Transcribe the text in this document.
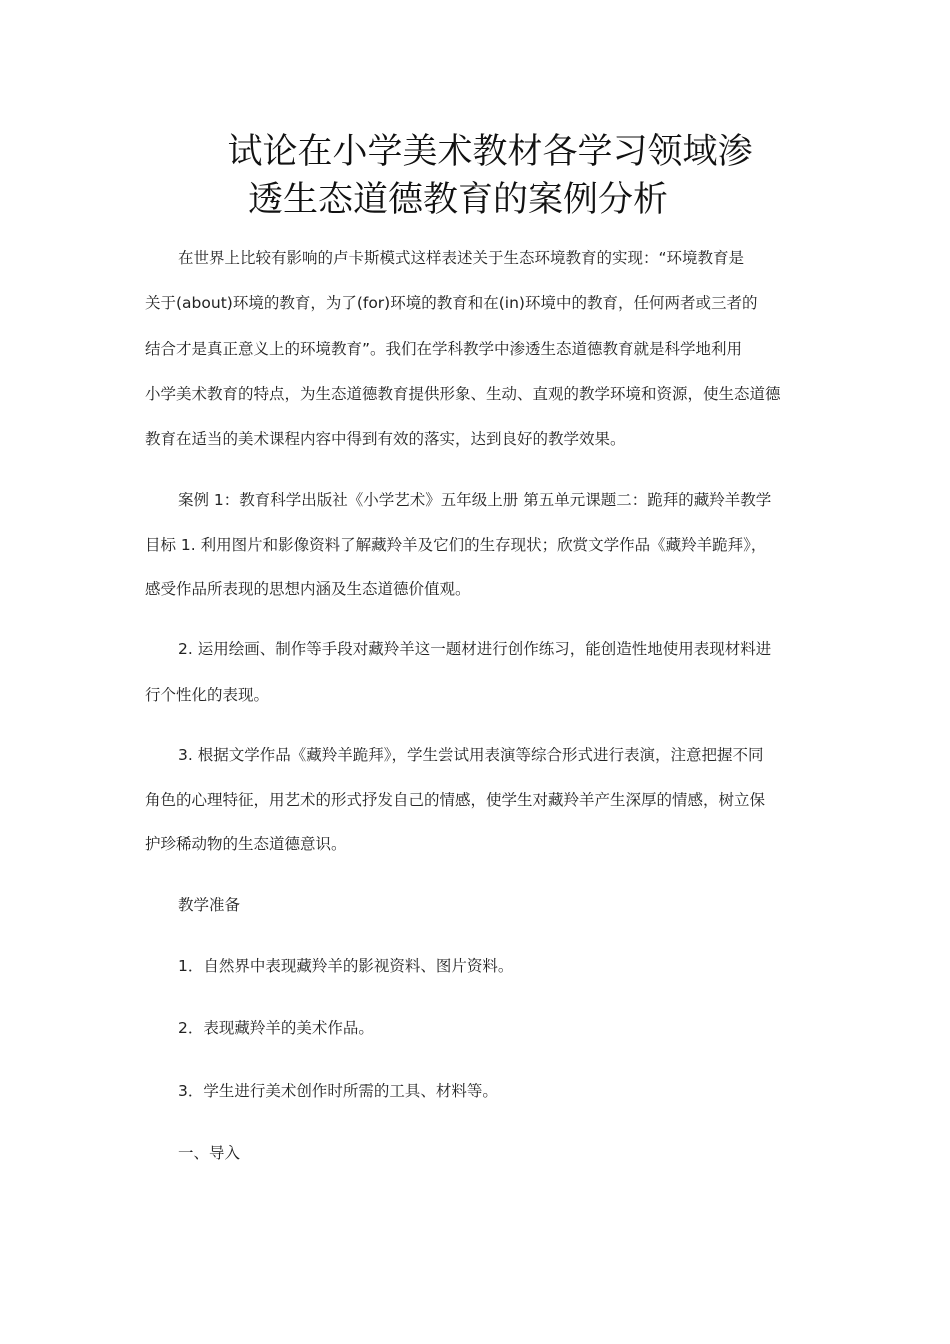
试论在小学美术教材各学习领域渗
透生态道德教育的案例分析
在世界上比较有影响的卢卡斯模式这样表述关于生态环境教育的实现：“环境教育是
关于(about)环境的教育，为了(for)环境的教育和在(in)环境中的教育，任何两者或三者的
结合才是真正意义上的环境教育”。我们在学科教学中渗透生态道德教育就是科学地利用
小学美术教育的特点，为生态道德教育提供形象、生动、直观的教学环境和资源，使生态道德
教育在适当的美术课程内容中得到有效的落实，达到良好的教学效果。
案例 1：教育科学出版社《小学艺术》五年级上册 第五单元课题二：跪拜的藏羚羊教学
目标 1. 利用图片和影像资料了解藏羚羊及它们的生存现状；欣赏文学作品《藏羚羊跪拜》，
感受作品所表现的思想内涵及生态道德价值观。
2. 运用绘画、制作等手段对藏羚羊这一题材进行创作练习，能创造性地使用表现材料进
行个性化的表现。
3. 根据文学作品《藏羚羊跪拜》，学生尝试用表演等综合形式进行表演，注意把握不同
角色的心理特征，用艺术的形式抒发自己的情感，使学生对藏羚羊产生深厚的情感，树立保
护珍稀动物的生态道德意识。
教学准备
1．自然界中表现藏羚羊的影视资料、图片资料。
2．表现藏羚羊的美术作品。
3．学生进行美术创作时所需的工具、材料等。
一、导入
